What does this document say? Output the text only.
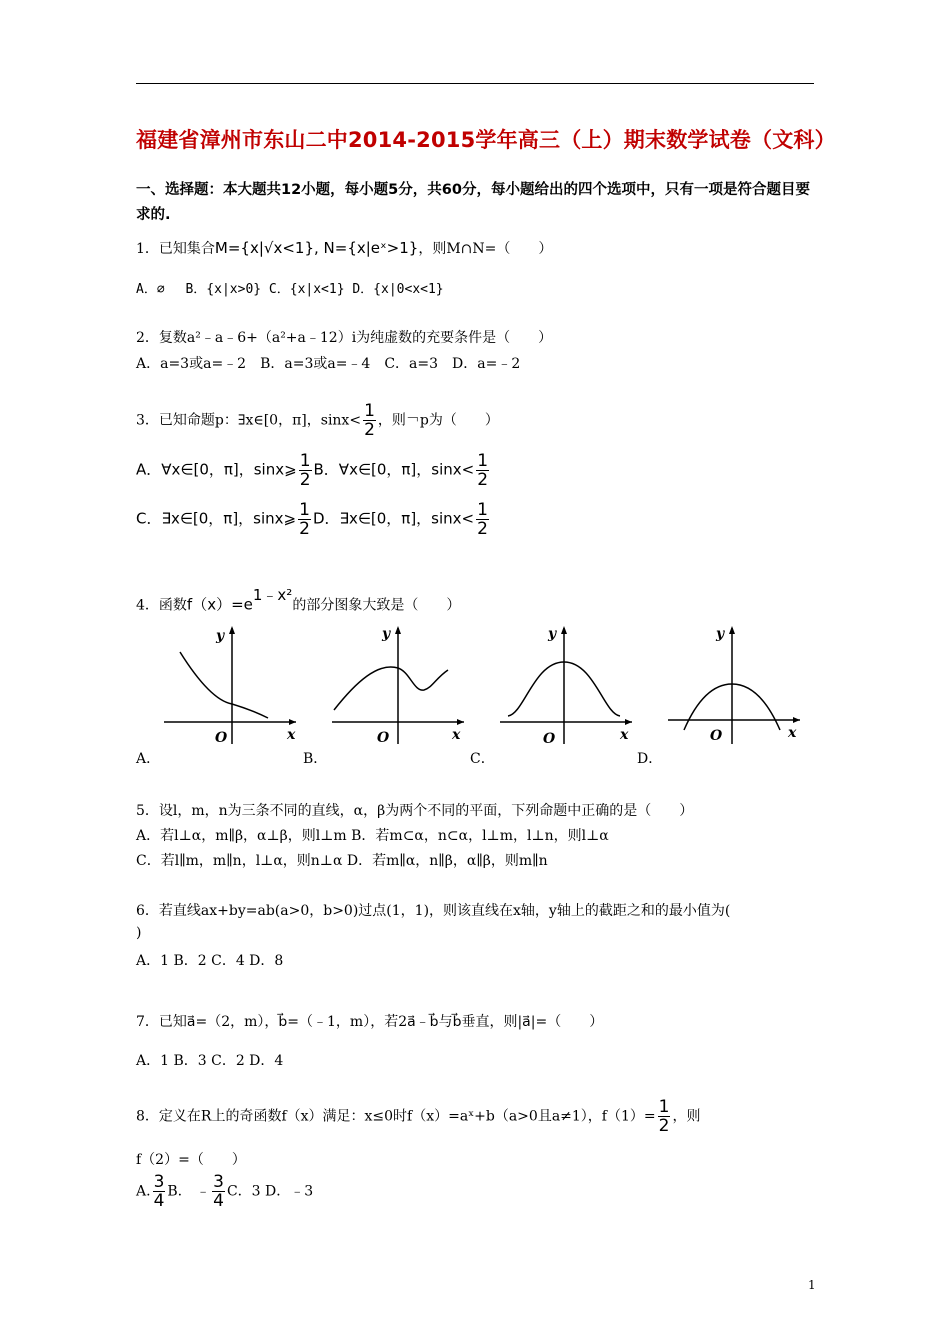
福建省漳州市东山二中2014-2015学年高三（上）期末数学试卷（文科）
一、选择题：本大题共12小题，每小题5分，共60分，每小题给出的四个选项中，只有一项是符合题目要求的.
1．已知集合M={x|√x<1}, N={x|eˣ>1}，则M∩N=（　　）
A．∅　 B．{x|x>0} C．{x|x<1} D．{x|0<x<1}
2．复数a²﹣a﹣6+（a²+a﹣12）i为纯虚数的充要条件是（　　）
A．a=3或a=﹣2　B．a=3或a=﹣4　C．a=3　D．a=﹣2
3．已知命题p：∃x∈[0，π]，$\sin x< \frac{1}{2}$ ，则￢p为（　　）
A．∀x∈[0，π]，sinx⩾ $\frac{1}{2}$ B．∀x∈[0，π]，$\sin x< \frac{1}{2}$
C．∃x∈[0，π]，sinx⩾ $\frac{1}{2}$ D．∃x∈[0，π]，$\sin x< \frac{1}{2}$
4．函数$f(x)=e^{1﹣x^2}$的部分图象大致是（　　）
y
x
O
y
x
O
y
x
O
y
x
O
A．	B．	C．	D．
5．设l，m，n为三条不同的直线，α，β为两个不同的平面，下列命题中正确的是（　　）
A．若l⊥α，m∥β，α⊥β，则l⊥m B．若m⊂α，n⊂α，l⊥m，l⊥n，则l⊥α
C．若l∥m，m∥n，l⊥α，则n⊥α D．若m∥α，n∥β，α∥β，则m∥n
6．若直线ax+by=ab(a>0，b>0)过点(1，1)，则该直线在x轴，y轴上的截距之和的最小值为(
)
A．1 B．2 C．4 D．8
7．已知a⃗=（2，m），b⃗=（﹣1，m），若2a⃗﹣b⃗与b⃗垂直，则|a⃗|=（　　）
A．1 B．3 C．2 D．4
8．定义在R上的奇函数f（x）满足：x≤0时f（x）=aˣ+b（a>0且a≠1），$f(1)= \frac{1}{2}$ ，则
f（2）=（　　）
A. $\frac{3}{4} B$.　﹣ $\frac{3}{4}$ C．3 D．﹣3
1
